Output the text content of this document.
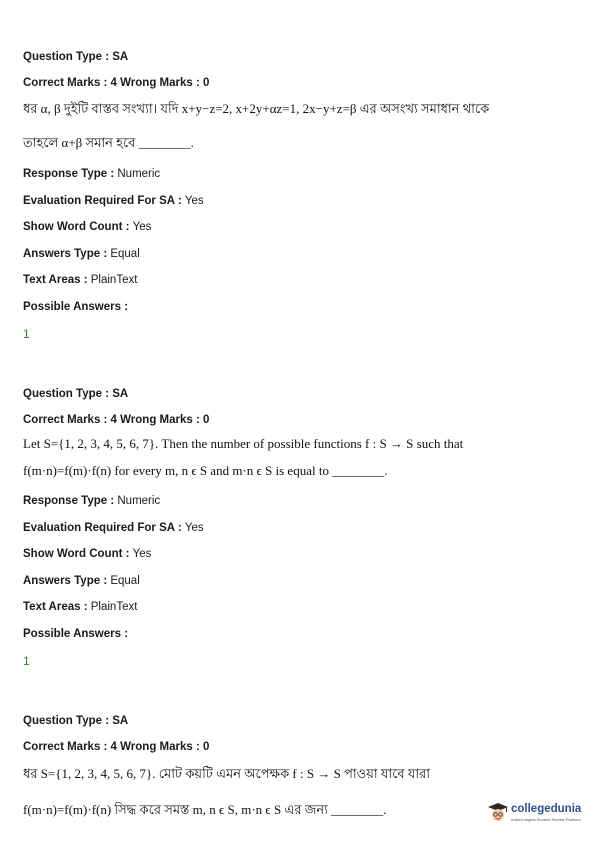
Question Type : SA
Correct Marks : 4 Wrong Marks : 0
ধর α, β দুইটি বাস্তব সংখ্যা। যদি x+y−z=2, x+2y+αz=1, 2x−y+z=β এর অসংখ্য সমাধান থাকে
তাহলে α+β সমান হবে ________.
Response Type : Numeric
Evaluation Required For SA : Yes
Show Word Count : Yes
Answers Type : Equal
Text Areas : PlainText
Possible Answers :
1
Question Type : SA
Correct Marks : 4 Wrong Marks : 0
Let S={1, 2, 3, 4, 5, 6, 7}. Then the number of possible functions f : S → S such that
f(m·n)=f(m)·f(n) for every m, n ϵ S and m·n ϵ S is equal to ________.
Response Type : Numeric
Evaluation Required For SA : Yes
Show Word Count : Yes
Answers Type : Equal
Text Areas : PlainText
Possible Answers :
1
Question Type : SA
Correct Marks : 4 Wrong Marks : 0
ধর S={1, 2, 3, 4, 5, 6, 7}. মোট কয়টি এমন অপেক্ষক f : S → S পাওয়া যাবে যারা
f(m·n)=f(m)·f(n) সিদ্ধ করে সমস্ত m, n ϵ S, m·n ϵ S এর জন্য ________.	collegedunia
India's largest Student Review Platform
